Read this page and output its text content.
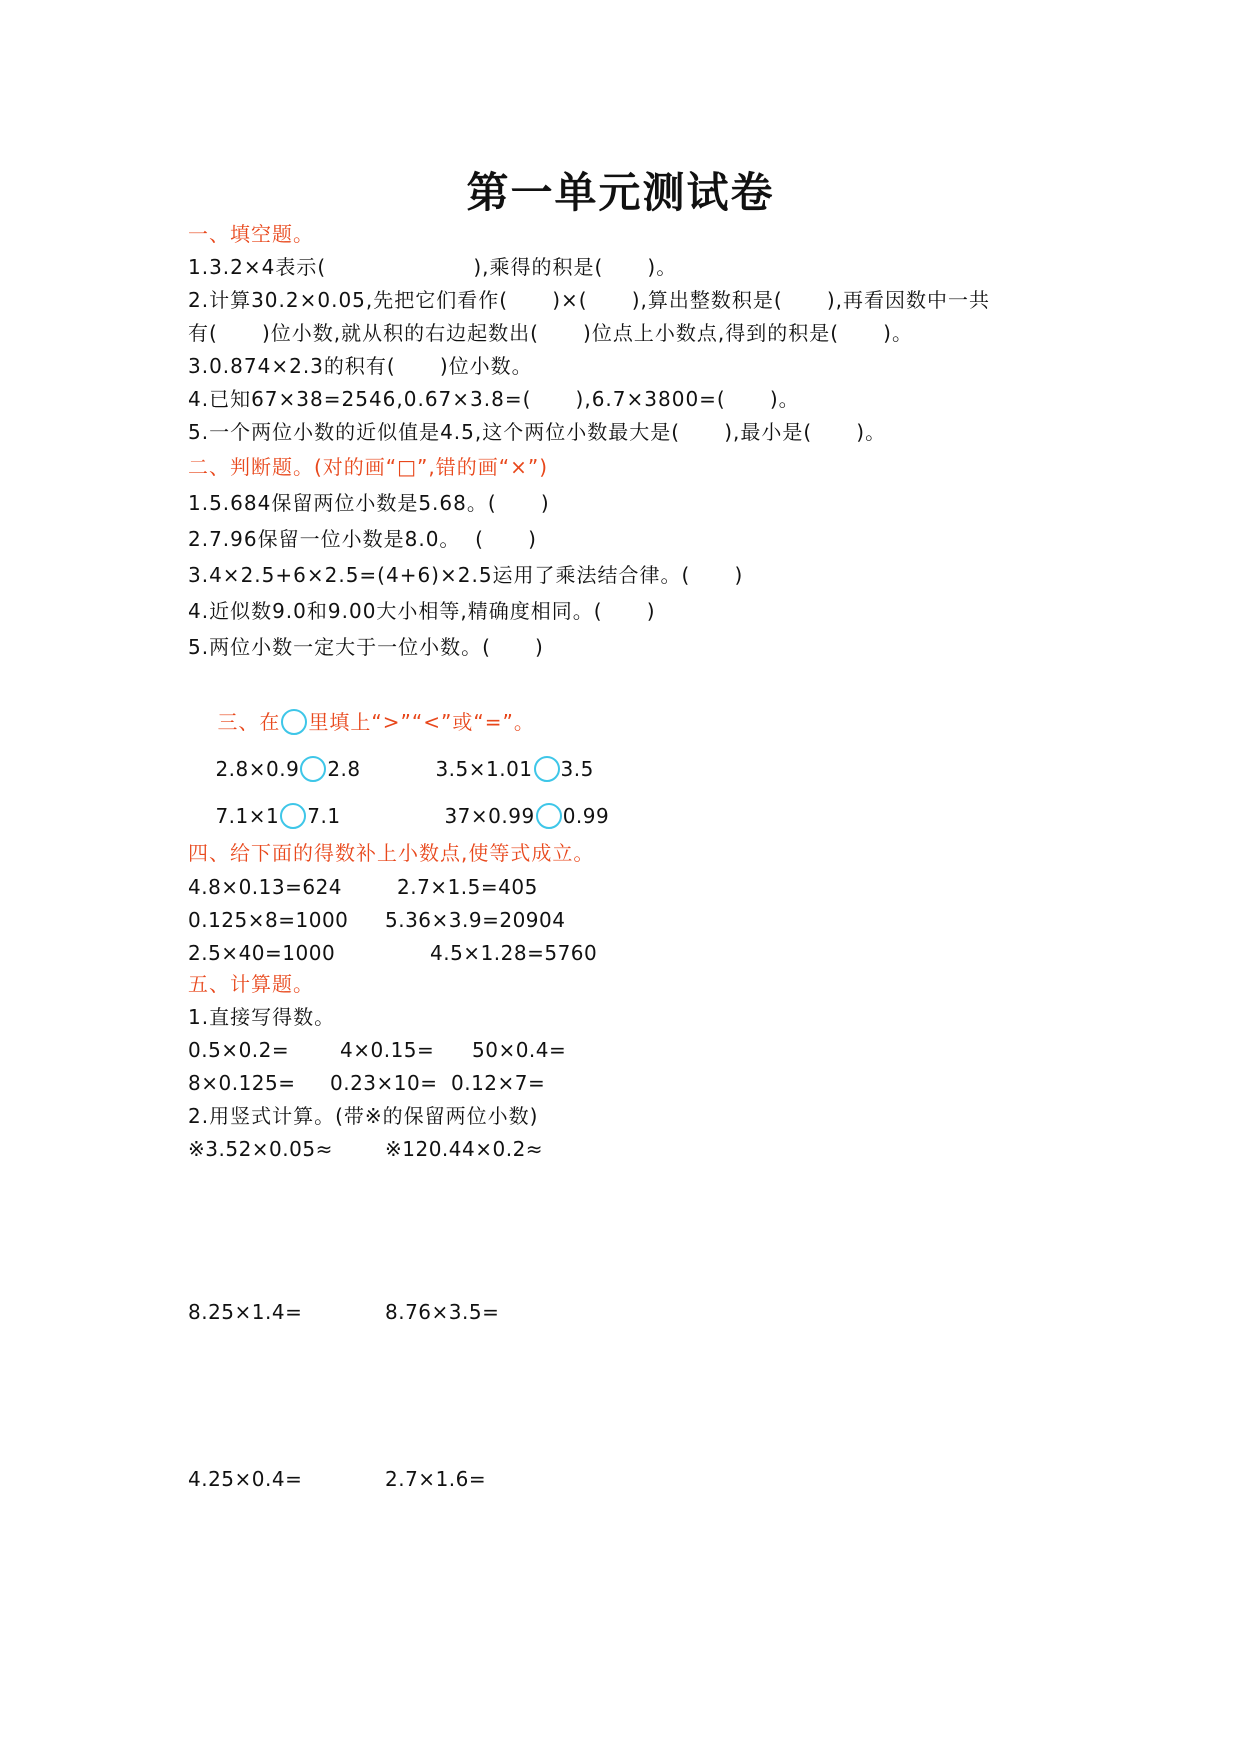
第一单元测试卷
一、填空题。
1.3.2×4表示(                    ),乘得的积是(      )。
2.计算30.2×0.05,先把它们看作(      )×(      ),算出整数积是(      ),再看因数中一共
有(      )位小数,就从积的右边起数出(      )位点上小数点,得到的积是(      )。
3.0.874×2.3的积有(      )位小数。
4.已知67×38=2546,0.67×3.8=(      ),6.7×3800=(      )。
5.一个两位小数的近似值是4.5,这个两位小数最大是(      ),最小是(      )。
二、判断题。(对的画“□”,错的画“×”)
1.5.684保留两位小数是5.68。(      )
2.7.96保留一位小数是8.0。  (      )
3.4×2.5+6×2.5=(4+6)×2.5运用了乘法结合律。(      )
4.近似数9.0和9.00大小相等,精确度相同。(      )
5.两位小数一定大于一位小数。(      )

三、在 里填上“>”“<”或“=”。

2.8×0.9 2.8
	3.5×1.01 3.5

7.1×1 7.1
	37×0.99 0.99

四、给下面的得数补上小数点,使等式成立。
4.8×0.13=624	2.7×1.5=405
0.125×8=1000 5.36×3.9=20904
2.5×40=1000	4.5×1.28=5760
五、计算题。
1.直接写得数。
0.5×0.2=	4×0.15= 50×0.4=
8×0.125= 0.23×10= 0.12×7=
2.用竖式计算。(带※的保留两位小数)
※3.52×0.05≈	※120.44×0.2≈
8.25×1.4=	8.76×3.5=
4.25×0.4=	2.7×1.6=
